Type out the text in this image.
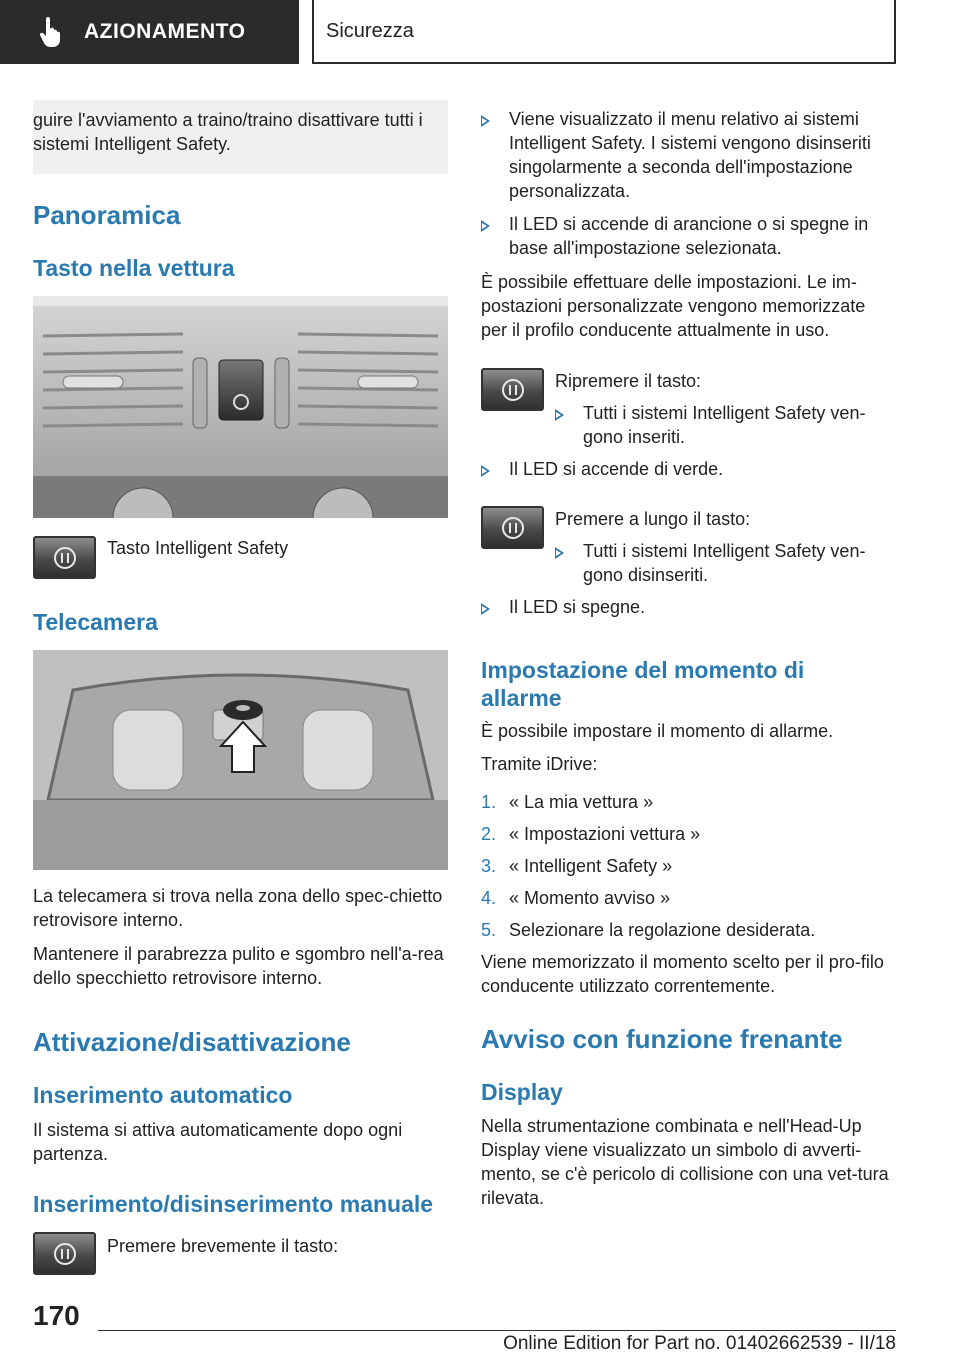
AZIONAMENTO	Sicurezza
guire l'avviamento a traino/traino disattivare tutti i sistemi Intelligent Safety.
Panoramica
Tasto nella vettura
Tasto Intelligent Safety
Telecamera
La telecamera si trova nella zona dello spec-chietto retrovisore interno.
Mantenere il parabrezza pulito e sgombro nell'a-rea dello specchietto retrovisore interno.
Attivazione/disattivazione
Inserimento automatico
Il sistema si attiva automaticamente dopo ogni partenza.
Inserimento/disinserimento manuale
Premere brevemente il tasto:
Viene visualizzato il menu relativo ai sistemi Intelligent Safety. I sistemi vengono disinseriti singolarmente a seconda dell'impostazione personalizzata.
Il LED si accende di arancione o si spegne in base all'impostazione selezionata.
È possibile effettuare delle impostazioni. Le im-postazioni personalizzate vengono memorizzate per il profilo conducente attualmente in uso.
Ripremere il tasto:
Tutti i sistemi Intelligent Safety ven-gono inseriti.
Il LED si accende di verde.
Premere a lungo il tasto:
Tutti i sistemi Intelligent Safety ven-gono disinseriti.
Il LED si spegne.
Impostazione del momento di allarme
È possibile impostare il momento di allarme.
Tramite iDrive:
1. « La mia vettura »
2. « Impostazioni vettura »
3. « Intelligent Safety »
4. « Momento avviso »
5. Selezionare la regolazione desiderata.
Viene memorizzato il momento scelto per il pro-filo conducente utilizzato correntemente.
Avviso con funzione frenante
Display
Nella strumentazione combinata e nell'Head-Up Display viene visualizzato un simbolo di avverti-mento, se c'è pericolo di collisione con una vet-tura rilevata.
170
Online Edition for Part no. 01402662539 - II/18
